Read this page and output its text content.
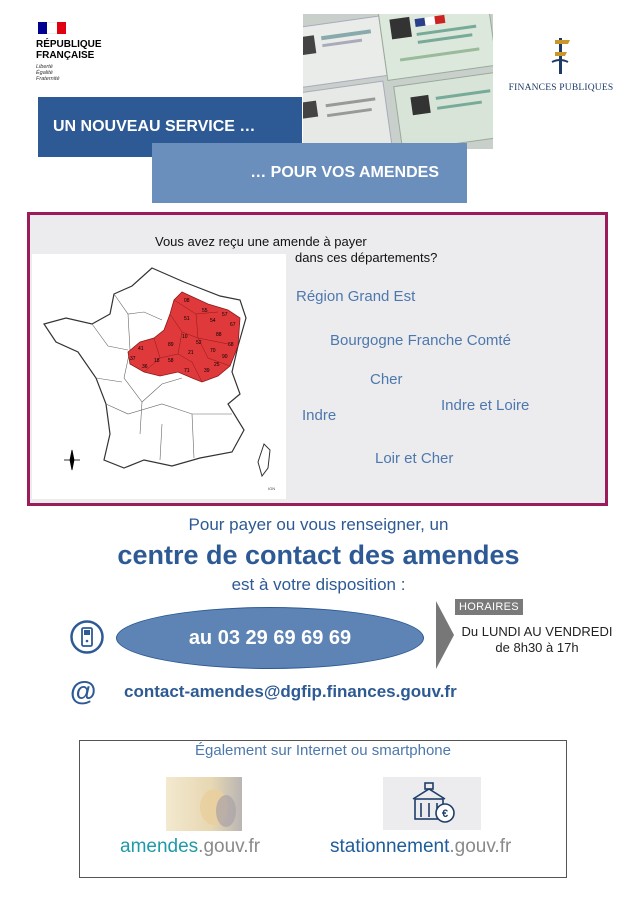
RÉPUBLIQUE
FRANÇAISE
Liberté
Égalité
Fraternité
FINANCES PUBLIQUES
UN NOUVEAU SERVICE …
… POUR VOS AMENDES
Vous avez reçu une amende à payer
dans ces départements?
08
55
54
57
67
51
10
52
88
68
89
21	70
90
25
41
37	18 58
71	39
36
IGN
Région Grand Est
Bourgogne Franche Comté
Cher
Indre
Indre et Loire
Loir et Cher
Pour payer ou vous renseigner, un
centre de contact des amendes
est à votre disposition :
au 03 29 69 69 69
HORAIRES
Du LUNDI AU VENDREDI
de 8h30 à 17h
@ contact-amendes@dgfip.finances.gouv.fr
Également sur Internet ou smartphone
amendes.gouv.fr
€
stationnement.gouv.fr
